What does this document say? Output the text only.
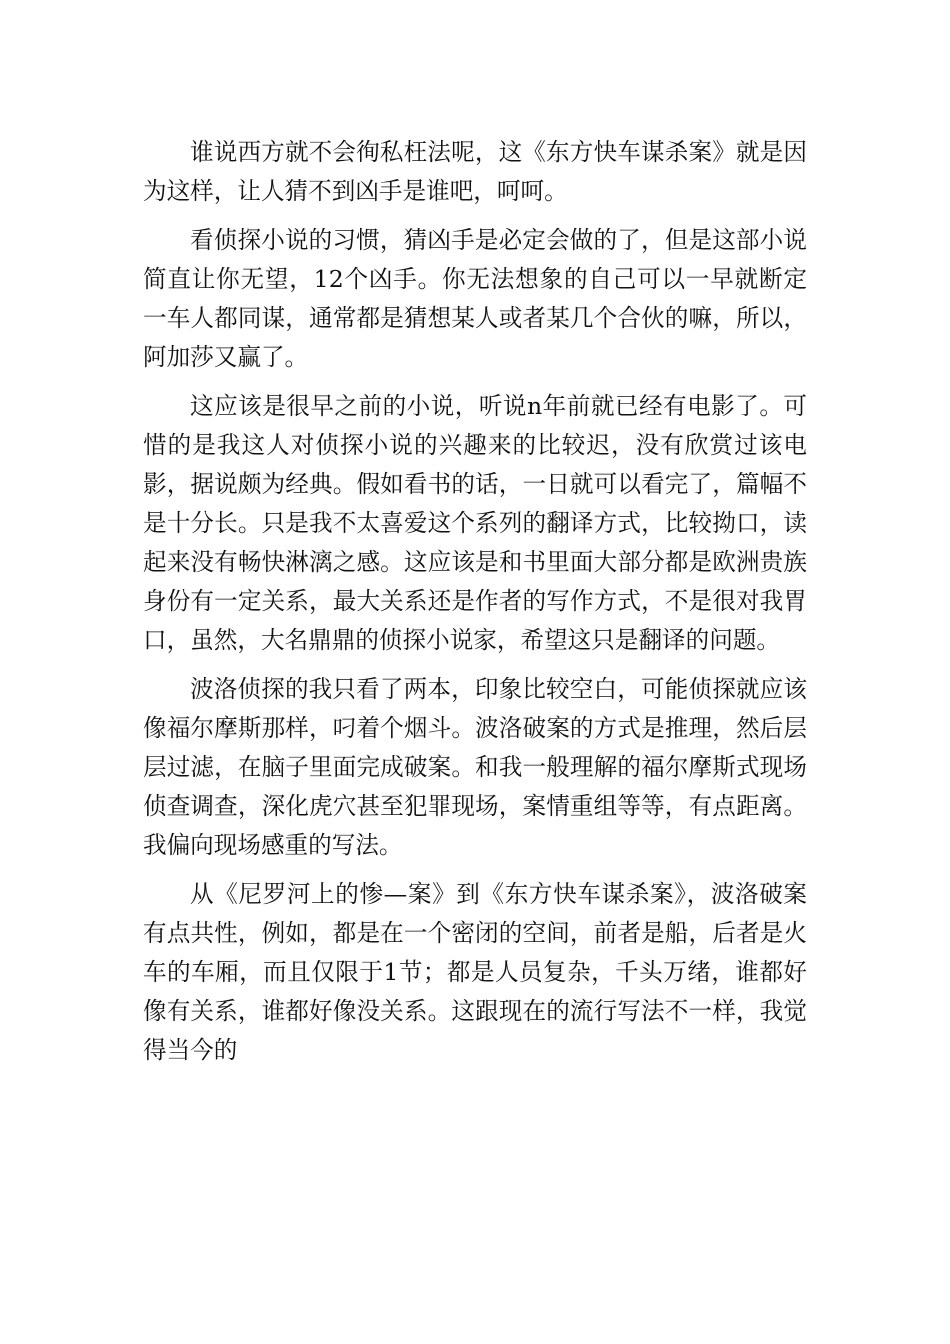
谁说西方就不会徇私枉法呢，这《东方快车谋杀案》就是因为这样，让人猜不到凶手是谁吧，呵呵。

看侦探小说的习惯，猜凶手是必定会做的了，但是这部小说简直让你无望，12个凶手。你无法想象的自己可以一早就断定一车人都同谋，通常都是猜想某人或者某几个合伙的嘛，所以，阿加莎又赢了。

这应该是很早之前的小说，听说n年前就已经有电影了。可惜的是我这人对侦探小说的兴趣来的比较迟，没有欣赏过该电影，据说颇为经典。假如看书的话，一日就可以看完了，篇幅不是十分长。只是我不太喜爱这个系列的翻译方式，比较拗口，读起来没有畅快淋漓之感。这应该是和书里面大部分都是欧洲贵族身份有一定关系，最大关系还是作者的写作方式，不是很对我胃口，虽然，大名鼎鼎的侦探小说家，希望这只是翻译的问题。

波洛侦探的我只看了两本，印象比较空白，可能侦探就应该像福尔摩斯那样，叼着个烟斗。波洛破案的方式是推理，然后层层过滤，在脑子里面完成破案。和我一般理解的福尔摩斯式现场侦查调查，深化虎穴甚至犯罪现场，案情重组等等，有点距离。我偏向现场感重的写法。

从《尼罗河上的惨—案》到《东方快车谋杀案》，波洛破案有点共性，例如，都是在一个密闭的空间，前者是船，后者是火车的车厢，而且仅限于1节；都是人员复杂，千头万绪，谁都好像有关系，谁都好像没关系。这跟现在的流行写法不一样，我觉得当今的
